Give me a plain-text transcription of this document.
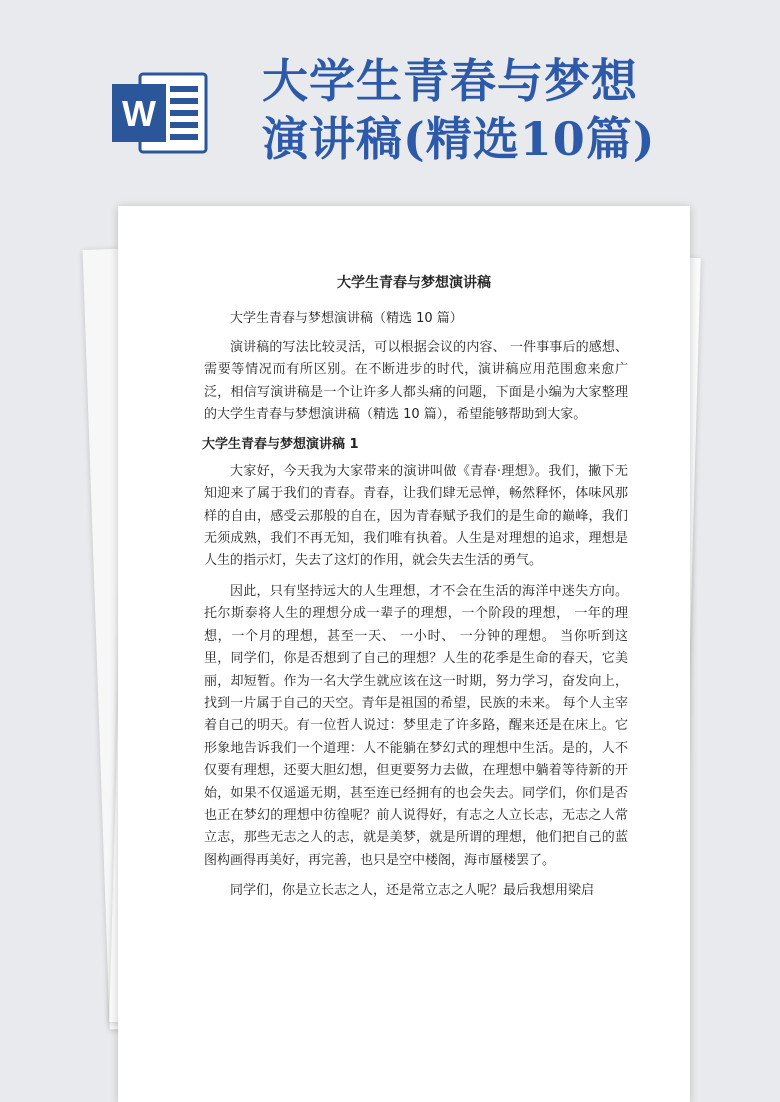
W
大学生青春与梦想
演讲稿(精选10篇)
大学生青春与梦想演讲稿

大学生青春与梦想演讲稿（精选 10 篇）

演讲稿的写法比较灵活，可以根据会议的内容、 一件事事后的感想、需要等情况而有所区别。在不断进步的时代，演讲稿应用范围愈来愈广泛，相信写演讲稿是一个让许多人都头痛的问题，下面是小编为大家整理的大学生青春与梦想演讲稿（精选 10 篇），希望能够帮助到大家。

大学生青春与梦想演讲稿 1

大家好，今天我为大家带来的演讲叫做《青春·理想》。我们，撇下无知迎来了属于我们的青春。青春，让我们肆无忌惮，畅然释怀，体味风那样的自由，感受云那般的自在，因为青春赋予我们的是生命的巅峰，我们无须成熟，我们不再无知，我们唯有执着。人生是对理想的追求，理想是人生的指示灯，失去了这灯的作用，就会失去生活的勇气。

因此，只有坚持远大的人生理想，才不会在生活的海洋中迷失方向。托尔斯泰将人生的理想分成一辈子的理想，一个阶段的理想， 一年的理想，一个月的理想，甚至一天、 一小时、 一分钟的理想。 当你听到这里，同学们，你是否想到了自己的理想？人生的花季是生命的春天，它美丽，却短暂。作为一名大学生就应该在这一时期，努力学习，奋发向上，找到一片属于自己的天空。青年是祖国的希望，民族的未来。 每个人主宰着自己的明天。有一位哲人说过：梦里走了许多路，醒来还是在床上。它形象地告诉我们一个道理：人不能躺在梦幻式的理想中生活。是的，人不仅要有理想，还要大胆幻想，但更要努力去做，在理想中躺着等待新的开始，如果不仅遥遥无期，甚至连已经拥有的也会失去。同学们，你们是否也正在梦幻的理想中彷徨呢？前人说得好，有志之人立长志，无志之人常立志，那些无志之人的志，就是美梦，就是所谓的理想，他们把自己的蓝图构画得再美好，再完善，也只是空中楼阁，海市蜃楼罢了。

同学们，你是立长志之人，还是常立志之人呢？最后我想用梁启
